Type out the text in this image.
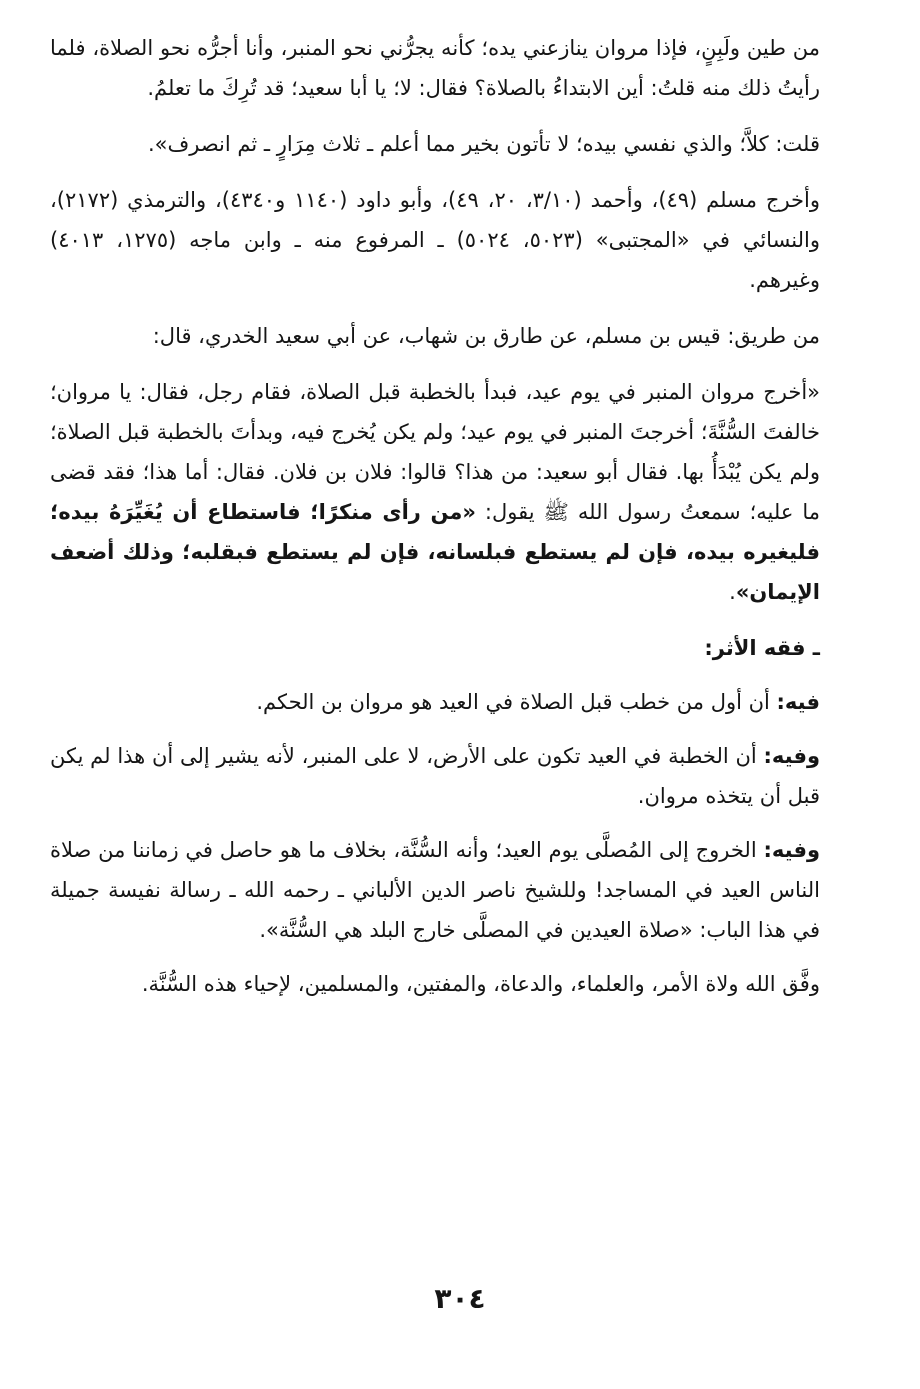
من طين ولَبِنٍ، فإذا مروان ينازعني يده؛ كأنه يجرُّني نحو المنبر، وأنا أجرُّه نحو الصلاة، فلما رأيتُ ذلك منه قلتُ: أين الابتداءُ بالصلاة؟ فقال: لا؛ يا أبا سعيد؛ قد تُرِكَ ما تعلمُ.

قلت: كلاَّ؛ والذي نفسي بيده؛ لا تأتون بخير مما أعلم ـ ثلاث مِرَارٍ ـ ثم انصرف».

وأخرج مسلم (٤٩)، وأحمد (٣/١٠، ٢٠، ٤٩)، وأبو داود (١١٤٠ و٤٣٤٠)، والترمذي (٢١٧٢)، والنسائي في «المجتبى» (٥٠٢٣، ٥٠٢٤) ـ المرفوع منه ـ وابن ماجه (١٢٧٥، ٤٠١٣) وغيرهم.

من طريق: قيس بن مسلم، عن طارق بن شهاب، عن أبي سعيد الخدري، قال:

«أخرج مروان المنبر في يوم عيد، فبدأ بالخطبة قبل الصلاة، فقام رجل، فقال: يا مروان؛ خالفتَ السُّنَّةَ؛ أخرجتَ المنبر في يوم عيد؛ ولم يكن يُخرج فيه، وبدأتَ بالخطبة قبل الصلاة؛ ولم يكن يُبْدَأُ بها. فقال أبو سعيد: من هذا؟ قالوا: فلان بن فلان. فقال: أما هذا؛ فقد قضى ما عليه؛ سمعتُ رسول الله ﷺ يقول: «من رأى منكرًا؛ فاستطاع أن يُغَيِّرَهُ بيده؛ فليغيره بيده، فإن لم يستطع فبلسانه، فإن لم يستطع فبقلبه؛ وذلك أضعف الإيمان».

ـ فقه الأثر:

فيه: أن أول من خطب قبل الصلاة في العيد هو مروان بن الحكم.

وفيه: أن الخطبة في العيد تكون على الأرض، لا على المنبر، لأنه يشير إلى أن هذا لم يكن قبل أن يتخذه مروان.

وفيه: الخروج إلى المُصلَّى يوم العيد؛ وأنه السُّنَّة، بخلاف ما هو حاصل في زماننا من صلاة الناس العيد في المساجد! وللشيخ ناصر الدين الألباني ـ رحمه الله ـ رسالة نفيسة جميلة في هذا الباب: «صلاة العيدين في المصلَّى خارج البلد هي السُّنَّة».

وفَّق الله ولاة الأمر، والعلماء، والدعاة، والمفتين، والمسلمين، لإحياء هذه السُّنَّة.

٣٠٤
